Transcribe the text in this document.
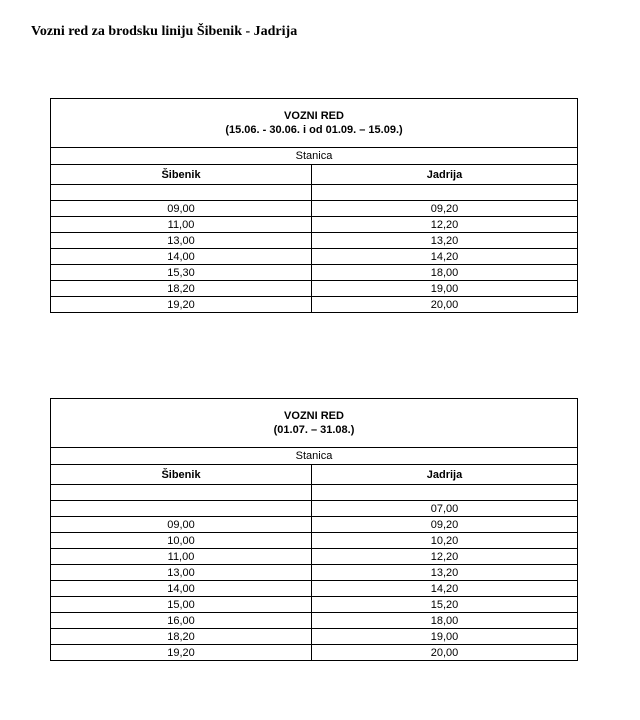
Vozni red za brodsku liniju Šibenik - Jadrija
VOZNI RED
(15.06. - 30.06. i od 01.09. – 15.09.)	

Stanica	
Šibenik	Jadrija

09,00	09,20
11,00	12,20
13,00	13,20
14,00	14,20
15,30	18,00
18,20	19,00
19,20	20,00
VOZNI RED
(01.07. – 31.08.)	

Stanica	
Šibenik	Jadrija

	07,00
09,00	09,20
10,00	10,20
11,00	12,20
13,00	13,20
14,00	14,20
15,00	15,20
16,00	18,00
18,20	19,00
19,20	20,00
